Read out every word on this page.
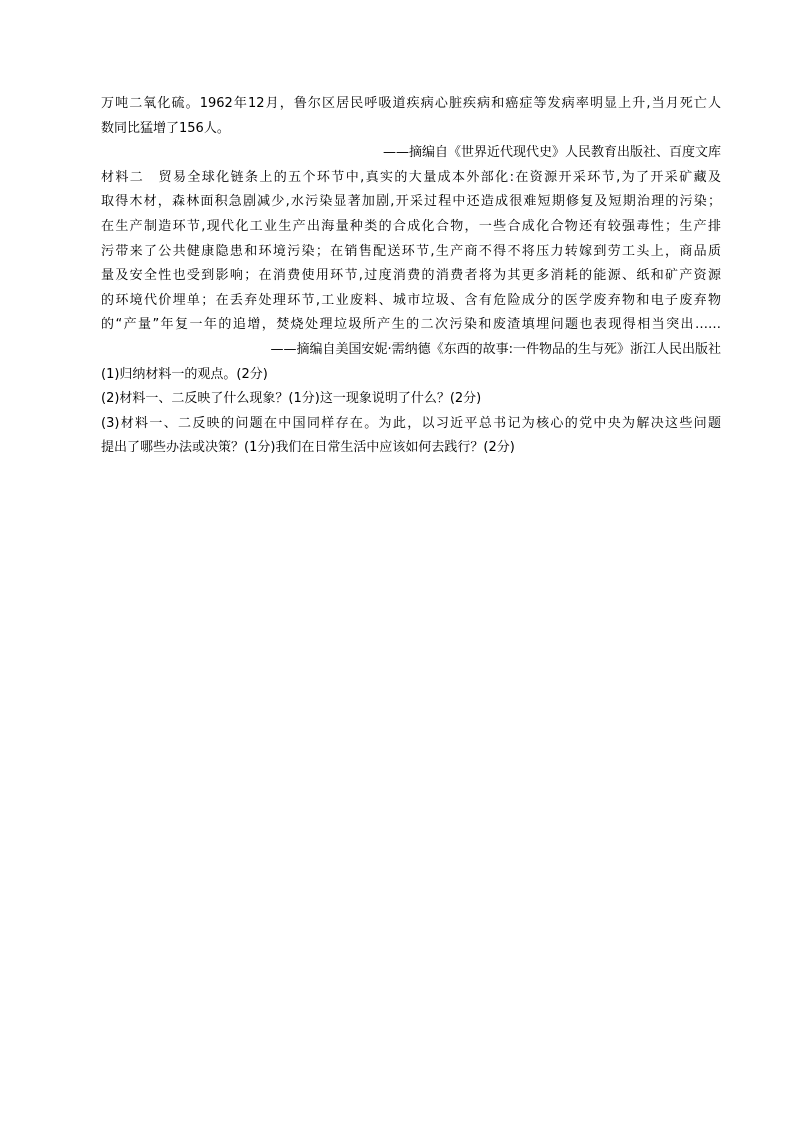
万吨二氧化硫。1962年12月，鲁尔区居民呼吸道疾病心脏疾病和癌症等发病率明显上升,当月死亡人
数同比猛增了156人。
——摘编自《世界近代现代史》人民教育出版社、百度文库
材料二　贸易全球化链条上的五个环节中,真实的大量成本外部化:在资源开采环节,为了开采矿藏及
取得木材，森林面积急剧减少,水污染显著加剧,开采过程中还造成很难短期修复及短期治理的污染；
在生产制造环节,现代化工业生产出海量种类的合成化合物，一些合成化合物还有较强毒性；生产排
污带来了公共健康隐患和环境污染；在销售配送环节,生产商不得不将压力转嫁到劳工头上，商品质
量及安全性也受到影响；在消费使用环节,过度消费的消费者将为其更多消耗的能源、纸和矿产资源
的环境代价埋单；在丢弃处理环节,工业废料、城市垃圾、含有危险成分的医学废弃物和电子废弃物
的“产量”年复一年的追增，焚烧处理垃圾所产生的二次污染和废渣填埋问题也表现得相当突出……
——摘编自美国安妮·需纳德《东西的故事:一件物品的生与死》浙江人民出版社
(1)归纳材料一的观点。(2分)
(2)材料一、二反映了什么现象？(1分)这一现象说明了什么？(2分)
(3)材料一、二反映的问题在中国同样存在。为此，以习近平总书记为核心的党中央为解决这些问题
提出了哪些办法或决策？(1分)我们在日常生活中应该如何去践行？(2分)
